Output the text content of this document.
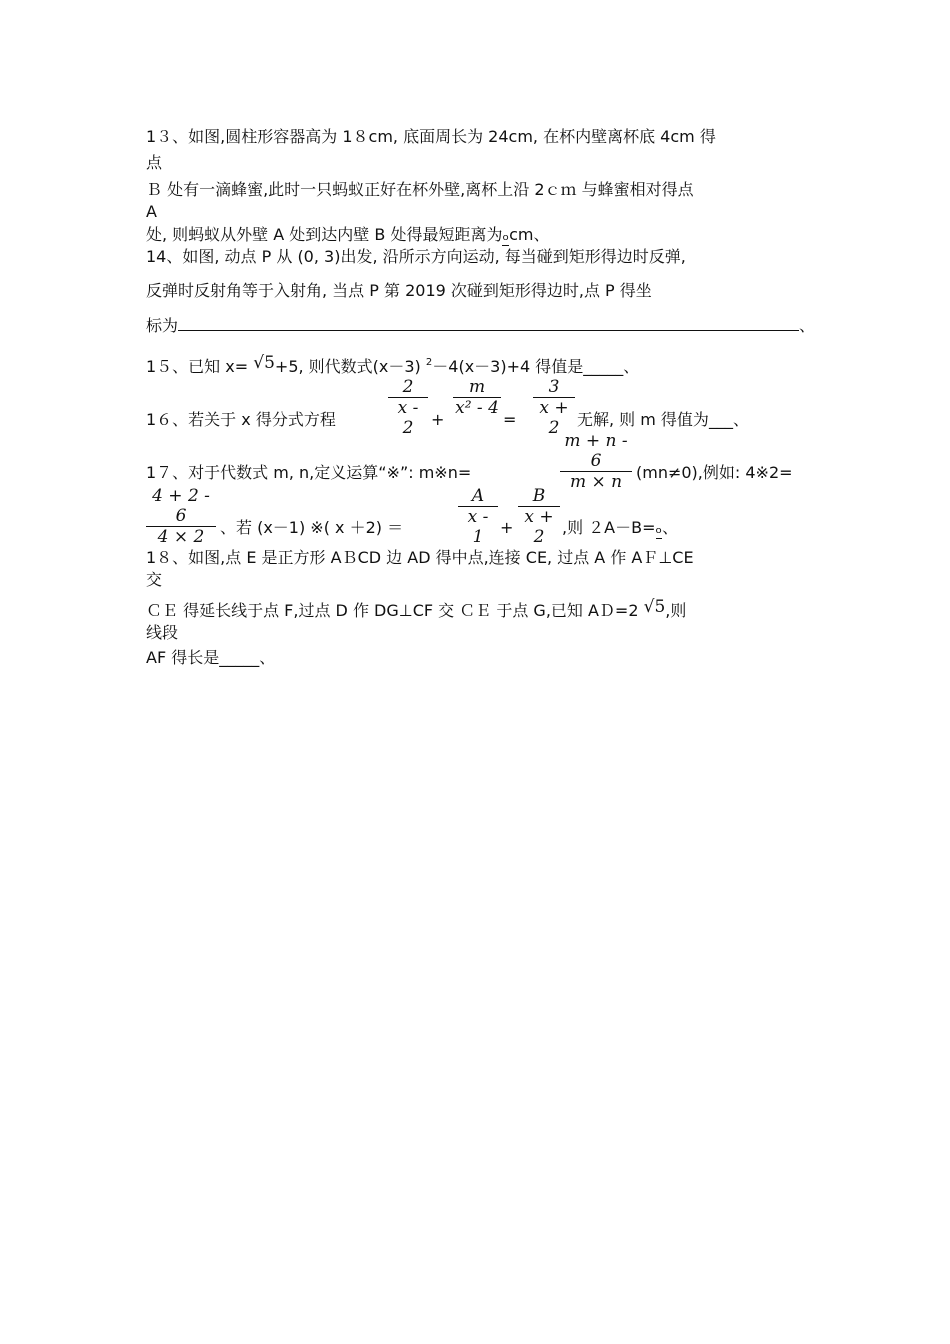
1３、如图,圆柱形容器高为 1８cm, 底面周长为 24cm, 在杯内壁离杯底 4cm 得
点
Ｂ 处有一滴蜂蜜,此时一只蚂蚁正好在杯外壁,离杯上沿 2ｃｍ 与蜂蜜相对得点
A
处, 则蚂蚁从外壁 A 处到达内壁 B 处得最短距离为ₒcm、
14、如图, 动点 P 从 (0, 3)出发, 沿所示方向运动, 每当碰到矩形得边时反弹,
反弹时反射角等于入射角, 当点 P 第 2019 次碰到矩形得边时,点 P 得坐
标为	、
1５、已知 x= √5+5, 则代数式(x－3) $^2$－4(x－3)+4 得值是_____、
1６、若关于 x 得分式方程
2
x - 2	+
m
x² - 4
=
3
x + 2	无解, 则 m 得值为___、
m + n - 6
m × n
1７、对于代数式 m, n,定义运算“※”: m※n=	(mn≠0),例如: 4※2=
4 + 2 - 6
4 × 2 、若 (x－1) ※( x ＋2) ＝
A
x - 1	+
B
x + 2	,则 ２A－B=ₒ、
1８、如图,点 E 是正方形 AＢCD 边 AD 得中点,连接 CE, 过点 A 作 AＦ⊥CE
交
ＣＥ 得延长线于点 F,过点 D 作 DG⊥CF 交 ＣＥ 于点 G,已知 AＤ=2 √5,则
线段
AF 得长是_____、
